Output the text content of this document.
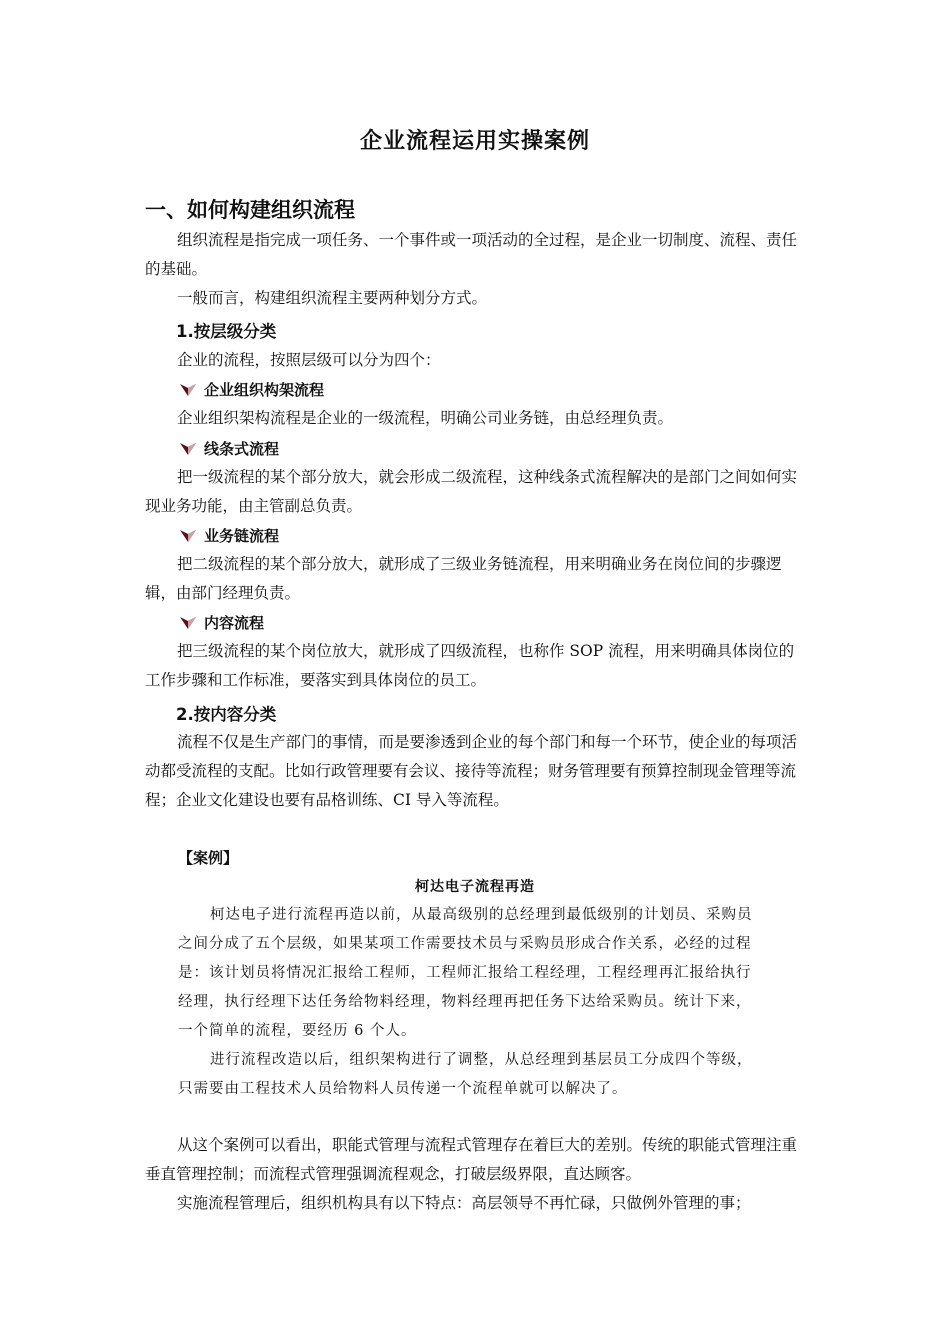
企业流程运用实操案例
一、如何构建组织流程

组织流程是指完成一项任务、一个事件或一项活动的全过程，是企业一切制度、流程、责任的基础。

一般而言，构建组织流程主要两种划分方式。

1.按层级分类

企业的流程，按照层级可以分为四个：

企业组织构架流程

企业组织架构流程是企业的一级流程，明确公司业务链，由总经理负责。

线条式流程

把一级流程的某个部分放大，就会形成二级流程，这种线条式流程解决的是部门之间如何实现业务功能，由主管副总负责。

业务链流程

把二级流程的某个部分放大，就形成了三级业务链流程，用来明确业务在岗位间的步骤逻辑，由部门经理负责。

内容流程

把三级流程的某个岗位放大，就形成了四级流程，也称作 SOP 流程，用来明确具体岗位的工作步骤和工作标准，要落实到具体岗位的员工。

2.按内容分类

流程不仅是生产部门的事情，而是要渗透到企业的每个部门和每一个环节，使企业的每项活动都受流程的支配。比如行政管理要有会议、接待等流程；财务管理要有预算控制现金管理等流程；企业文化建设也要有品格训练、CI 导入等流程。

【案例】
柯达电子流程再造

柯达电子进行流程再造以前，从最高级别的总经理到最低级别的计划员、采购员之间分成了五个层级，如果某项工作需要技术员与采购员形成合作关系，必经的过程是：该计划员将情况汇报给工程师，工程师汇报给工程经理，工程经理再汇报给执行经理，执行经理下达任务给物料经理，物料经理再把任务下达给采购员。统计下来，一个简单的流程，要经历 6 个人。

进行流程改造以后，组织架构进行了调整，从总经理到基层员工分成四个等级，只需要由工程技术人员给物料人员传递一个流程单就可以解决了。

从这个案例可以看出，职能式管理与流程式管理存在着巨大的差别。传统的职能式管理注重垂直管理控制；而流程式管理强调流程观念，打破层级界限，直达顾客。

实施流程管理后，组织机构具有以下特点：高层领导不再忙碌，只做例外管理的事；
